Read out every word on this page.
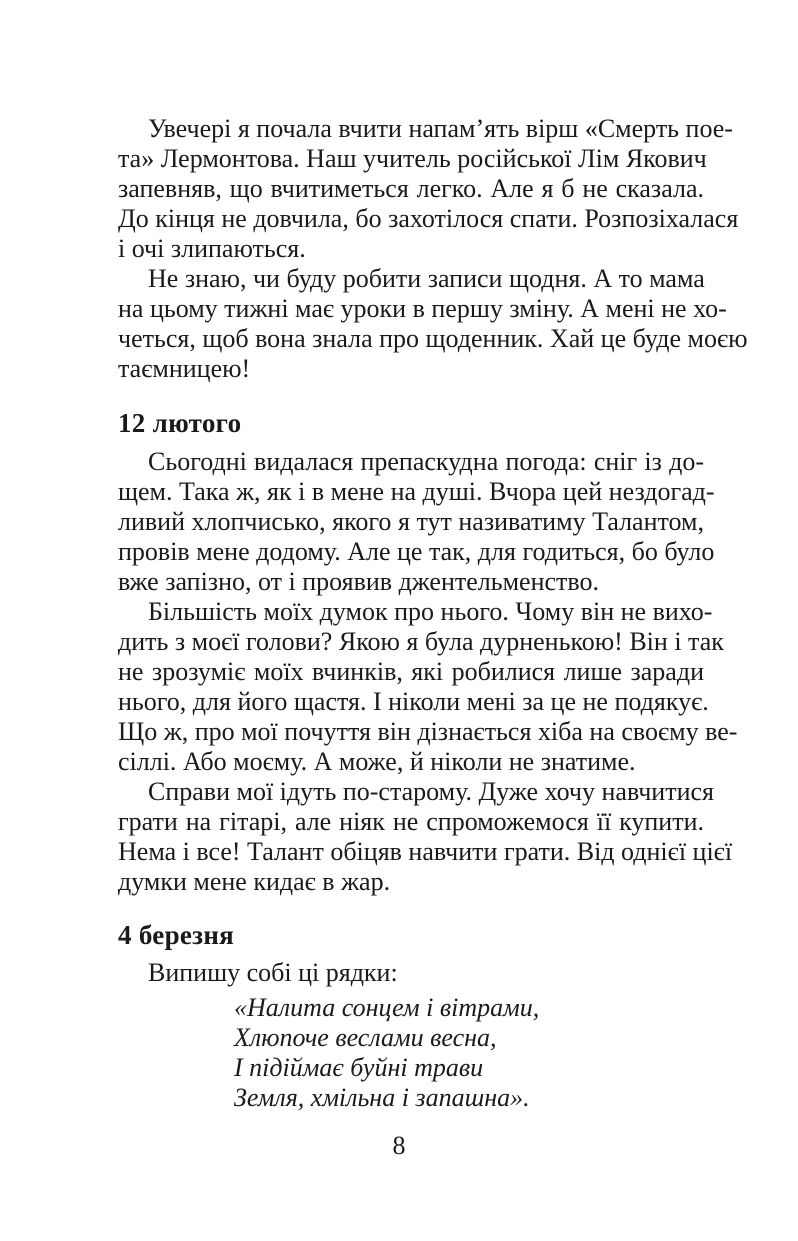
Увечері я почала вчити напам’ять вірш «Смерть пое-
та» Лермонтова. Наш учитель російської Лім Якович
запевняв, що вчитиметься легко. Але я б не сказала.
До кінця не довчила, бо захотілося спати. Розпозіхалася
і очі злипаються.
Не знаю, чи буду робити записи щодня. А то мама
на цьому тижні має уроки в першу зміну. А мені не хо-
четься, щоб вона знала про щоденник. Хай це буде моєю
таємницею!
12 лютого
Сьогодні видалася препаскудна погода: сніг із до-
щем. Така ж, як і в мене на душі. Вчора цей нездогад-
ливий хлопчисько, якого я тут називатиму Талантом,
провів мене додому. Але це так, для годиться, бо було
вже запізно, от і проявив джентельменство.
Більшість моїх думок про нього. Чому він не вихо-
дить з моєї голови? Якою я була дурненькою! Він і так
не зрозуміє моїх вчинків, які робилися лише заради
нього, для його щастя. І ніколи мені за це не подякує.
Що ж, про мої почуття він дізнається хіба на своєму ве-
сіллі. Або моєму. А може, й ніколи не знатиме.
Справи мої ідуть по-старому. Дуже хочу навчитися
грати на гітарі, але ніяк не спроможемося її купити.
Нема і все! Талант обіцяв навчити грати. Від однієї цієї
думки мене кидає в жар.
4 березня
Випишу собі ці рядки:
«Налита сонцем і вітрами,
Хлюпоче веслами весна,
І підіймає буйні трави
Земля, хмільна і запашна».
8
